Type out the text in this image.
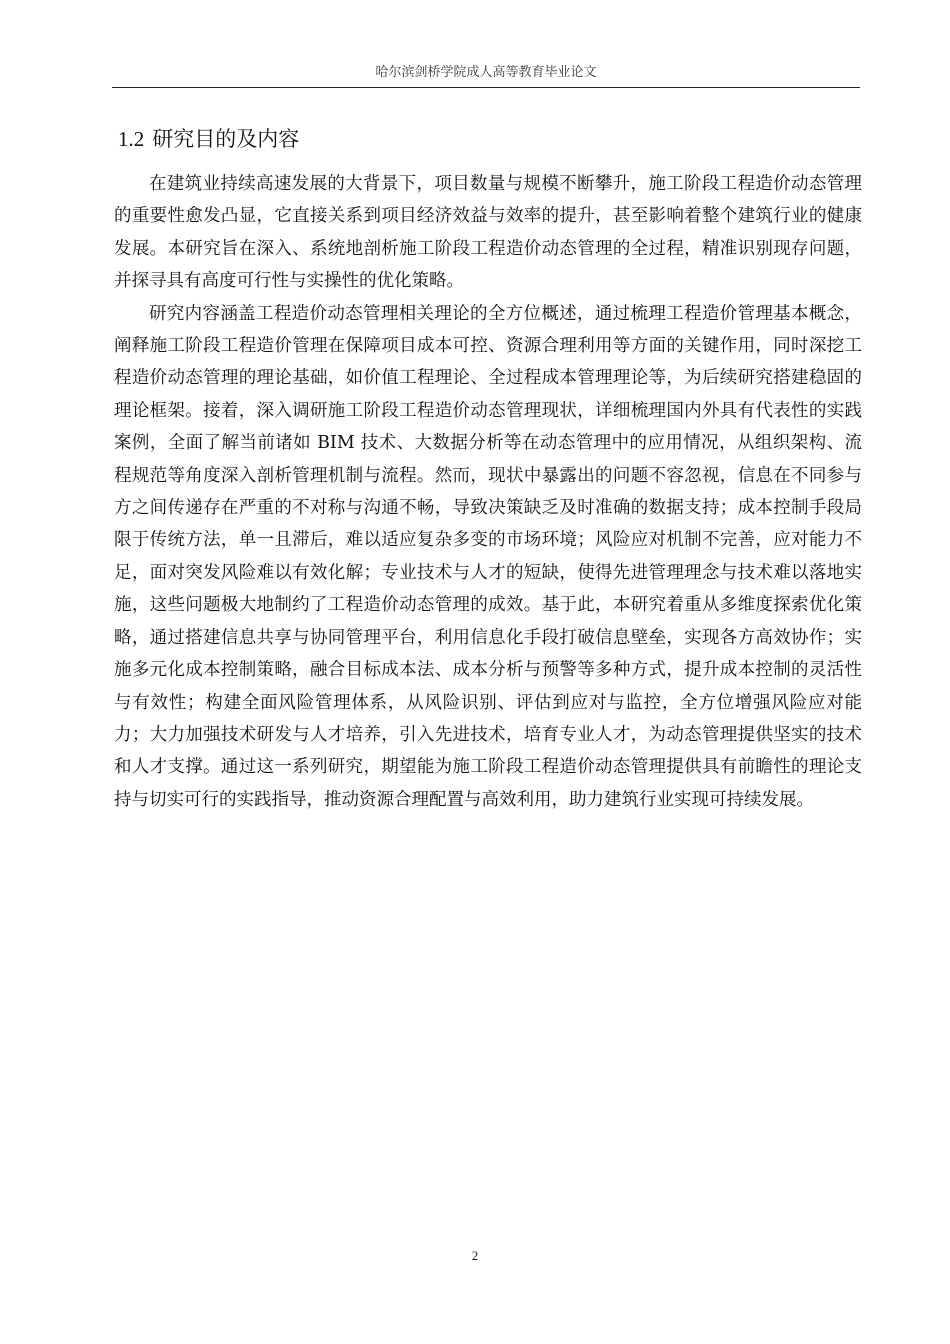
哈尔滨剑桥学院成人高等教育毕业论文
1.2 研究目的及内容

在建筑业持续高速发展的大背景下，项目数量与规模不断攀升，施工阶段工程造价动态管理的重要性愈发凸显，它直接关系到项目经济效益与效率的提升，甚至影响着整个建筑行业的健康发展。本研究旨在深入、系统地剖析施工阶段工程造价动态管理的全过程，精准识别现存问题，并探寻具有高度可行性与实操性的优化策略。

研究内容涵盖工程造价动态管理相关理论的全方位概述，通过梳理工程造价管理基本概念，阐释施工阶段工程造价管理在保障项目成本可控、资源合理利用等方面的关键作用，同时深挖工程造价动态管理的理论基础，如价值工程理论、全过程成本管理理论等，为后续研究搭建稳固的理论框架。接着，深入调研施工阶段工程造价动态管理现状，详细梳理国内外具有代表性的实践案例，全面了解当前诸如 BIM 技术、大数据分析等在动态管理中的应用情况，从组织架构、流程规范等角度深入剖析管理机制与流程。然而，现状中暴露出的问题不容忽视，信息在不同参与方之间传递存在严重的不对称与沟通不畅，导致决策缺乏及时准确的数据支持；成本控制手段局限于传统方法，单一且滞后，难以适应复杂多变的市场环境；风险应对机制不完善，应对能力不足，面对突发风险难以有效化解；专业技术与人才的短缺，使得先进管理理念与技术难以落地实施，这些问题极大地制约了工程造价动态管理的成效。基于此，本研究着重从多维度探索优化策略，通过搭建信息共享与协同管理平台，利用信息化手段打破信息壁垒，实现各方高效协作；实施多元化成本控制策略，融合目标成本法、成本分析与预警等多种方式，提升成本控制的灵活性与有效性；构建全面风险管理体系，从风险识别、评估到应对与监控，全方位增强风险应对能力；大力加强技术研发与人才培养，引入先进技术，培育专业人才，为动态管理提供坚实的技术和人才支撑。通过这一系列研究，期望能为施工阶段工程造价动态管理提供具有前瞻性的理论支持与切实可行的实践指导，推动资源合理配置与高效利用，助力建筑行业实现可持续发展。

2
